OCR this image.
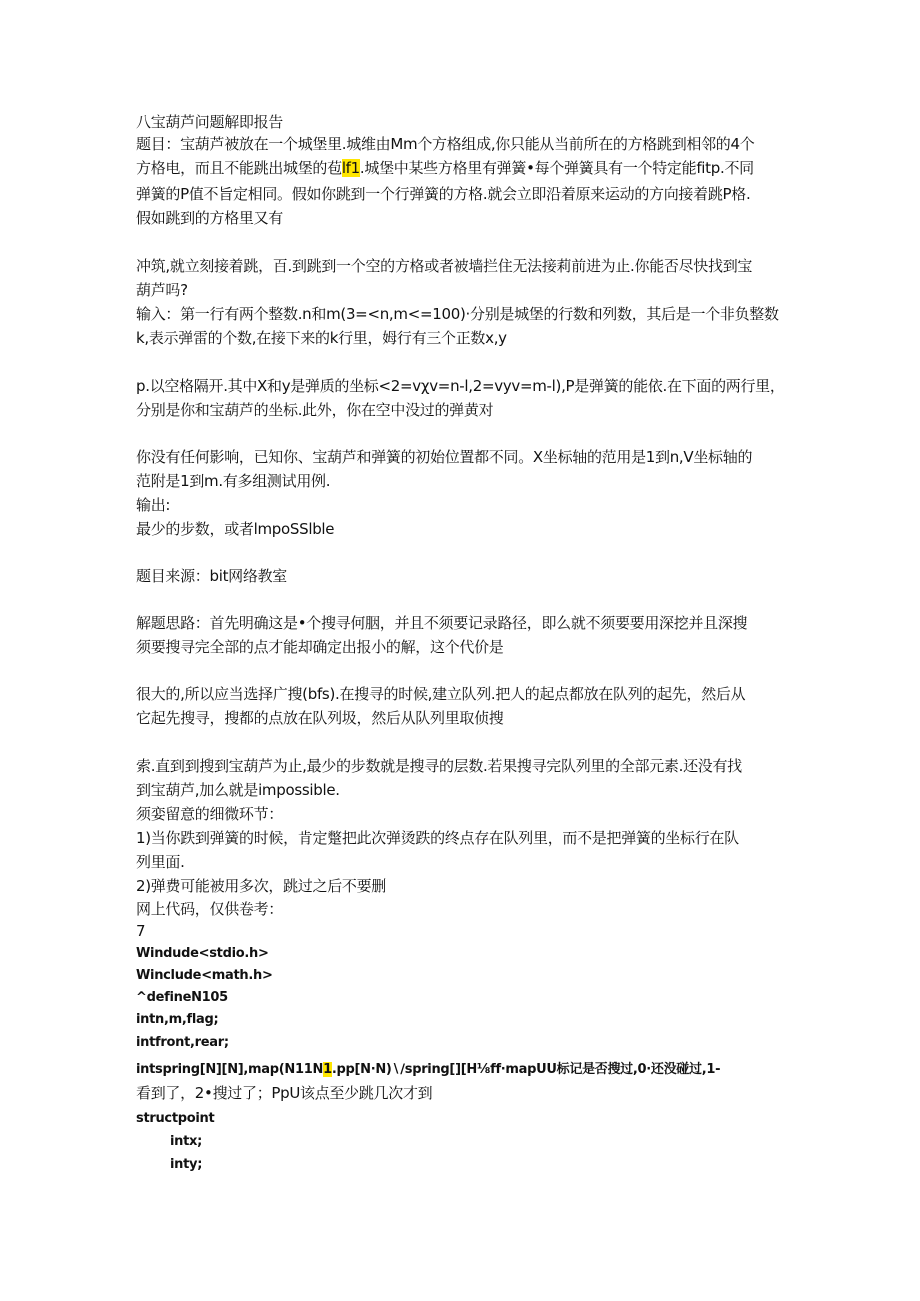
八宝葫芦问题解即报告
题目：宝葫芦被放在一个城堡里.城维由Mm个方格组成,你只能从当前所在的方格跳到相邻的4个
方格电，而且不能跳出城堡的苞lf1.城堡中某些方格里有弹簧•每个弹簧具有一个特定能fitp.不同
弹簧的P值不旨定相同。假如你跳到一个行弹簧的方格.就会立即沿着原来运动的方向接着跳P格.
假如跳到的方格里又有
冲筑,就立刻接着跳，百.到跳到一个空的方格或者被墙拦住无法接莉前进为止.你能否尽快找到宝
葫芦吗?
输入：第一行有两个整数.n和m(3=<n,m<=100)·分别是城堡的行数和列数，其后是一个非负整数
k,表示弹雷的个数,在接下来的k行里，姆行有三个正数x,y
p.以空格隔开.其中X和y是弹质的坐标<2=vχv=n-l,2=vyv=m-l),P是弹簧的能依.在下面的两行里，
分别是你和宝葫芦的坐标.此外，你在空中没过的弹黄对
你没有任何影响，已知你、宝葫芦和弹簧的初始位置都不同。X坐标轴的范用是1到n,V坐标轴的
范附是1到m.有多组测试用例.
输出:
最少的步数，或者lmpoSSlble
题目来源：bit网络教室
解题思路：首先明确这是•个搜寻何胭，并且不须要记录路径，即么就不须要要用深挖并且深搜
须要搜寻完全部的点才能却确定出报小的解，这个代价是
很大的,所以应当选择广搜(bfs).在搜寻的时候,建立队列.把人的起点都放在队列的起先，然后从
它起先搜寻，搜都的点放在队列圾，然后从队列里取侦搜
索.直到到搜到宝葫芦为止,最少的步数就是搜寻的层数.若果搜寻完队列里的全部元素.还没有找
到宝葫芦,加么就是impossible.
须娈留意的细微环节：
1)当你跌到弹簧的时候，肯定蹩把此次弹烫跌的终点存在队列里，而不是把弹簧的坐标行在队
列里面.
2)弹费可能被用多次，跳过之后不要删
网上代码，仅供卷考：
7
Windude<stdio.h>
Winclude<math.h>
^defineN105
intn,m,flag;
intfront,rear;
intspring[N][N],map(N11N1.pp[N·N)∖∕spring[][H⅛ff·mapUU标记是否搜过,0·还没碰过,1-
看到了，2•搜过了；PpU该点至少跳几次才到
structpoint
intx;
inty;
